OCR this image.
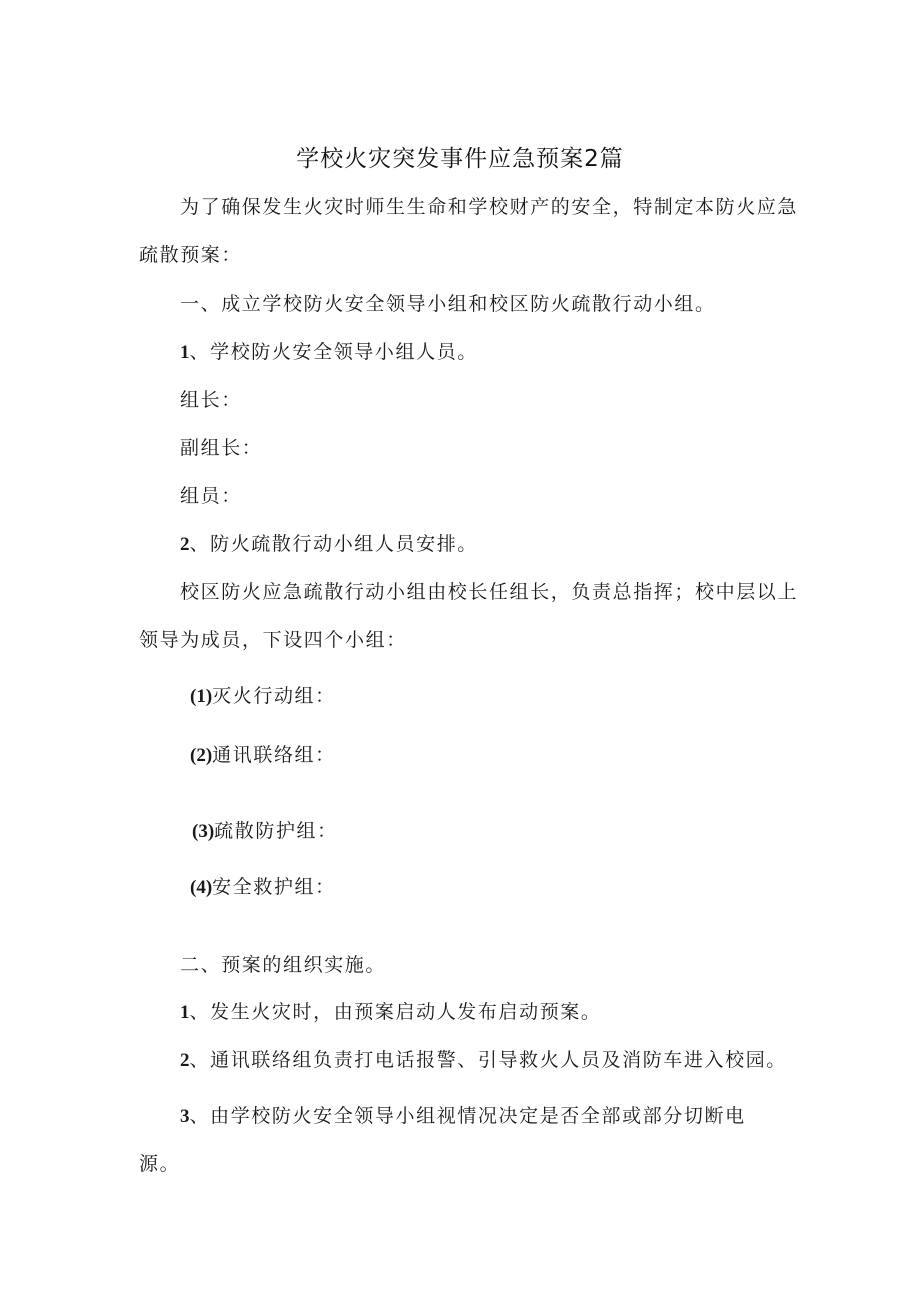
学校火灾突发事件应急预案2篇
为了确保发生火灾时师生生命和学校财产的安全，特制定本防火应急
疏散预案：
一、成立学校防火安全领导小组和校区防火疏散行动小组。
1、学校防火安全领导小组人员。
组长：
副组长：
组员：
2、防火疏散行动小组人员安排。
校区防火应急疏散行动小组由校长任组长，负责总指挥；校中层以上
领导为成员，下设四个小组：
(1)灭火行动组：
(2)通讯联络组：
(3)疏散防护组：
(4)安全救护组：
二、预案的组织实施。
1、发生火灾时，由预案启动人发布启动预案。
2、通讯联络组负责打电话报警、引导救火人员及消防车进入校园。
3、由学校防火安全领导小组视情况决定是否全部或部分切断电
源。
